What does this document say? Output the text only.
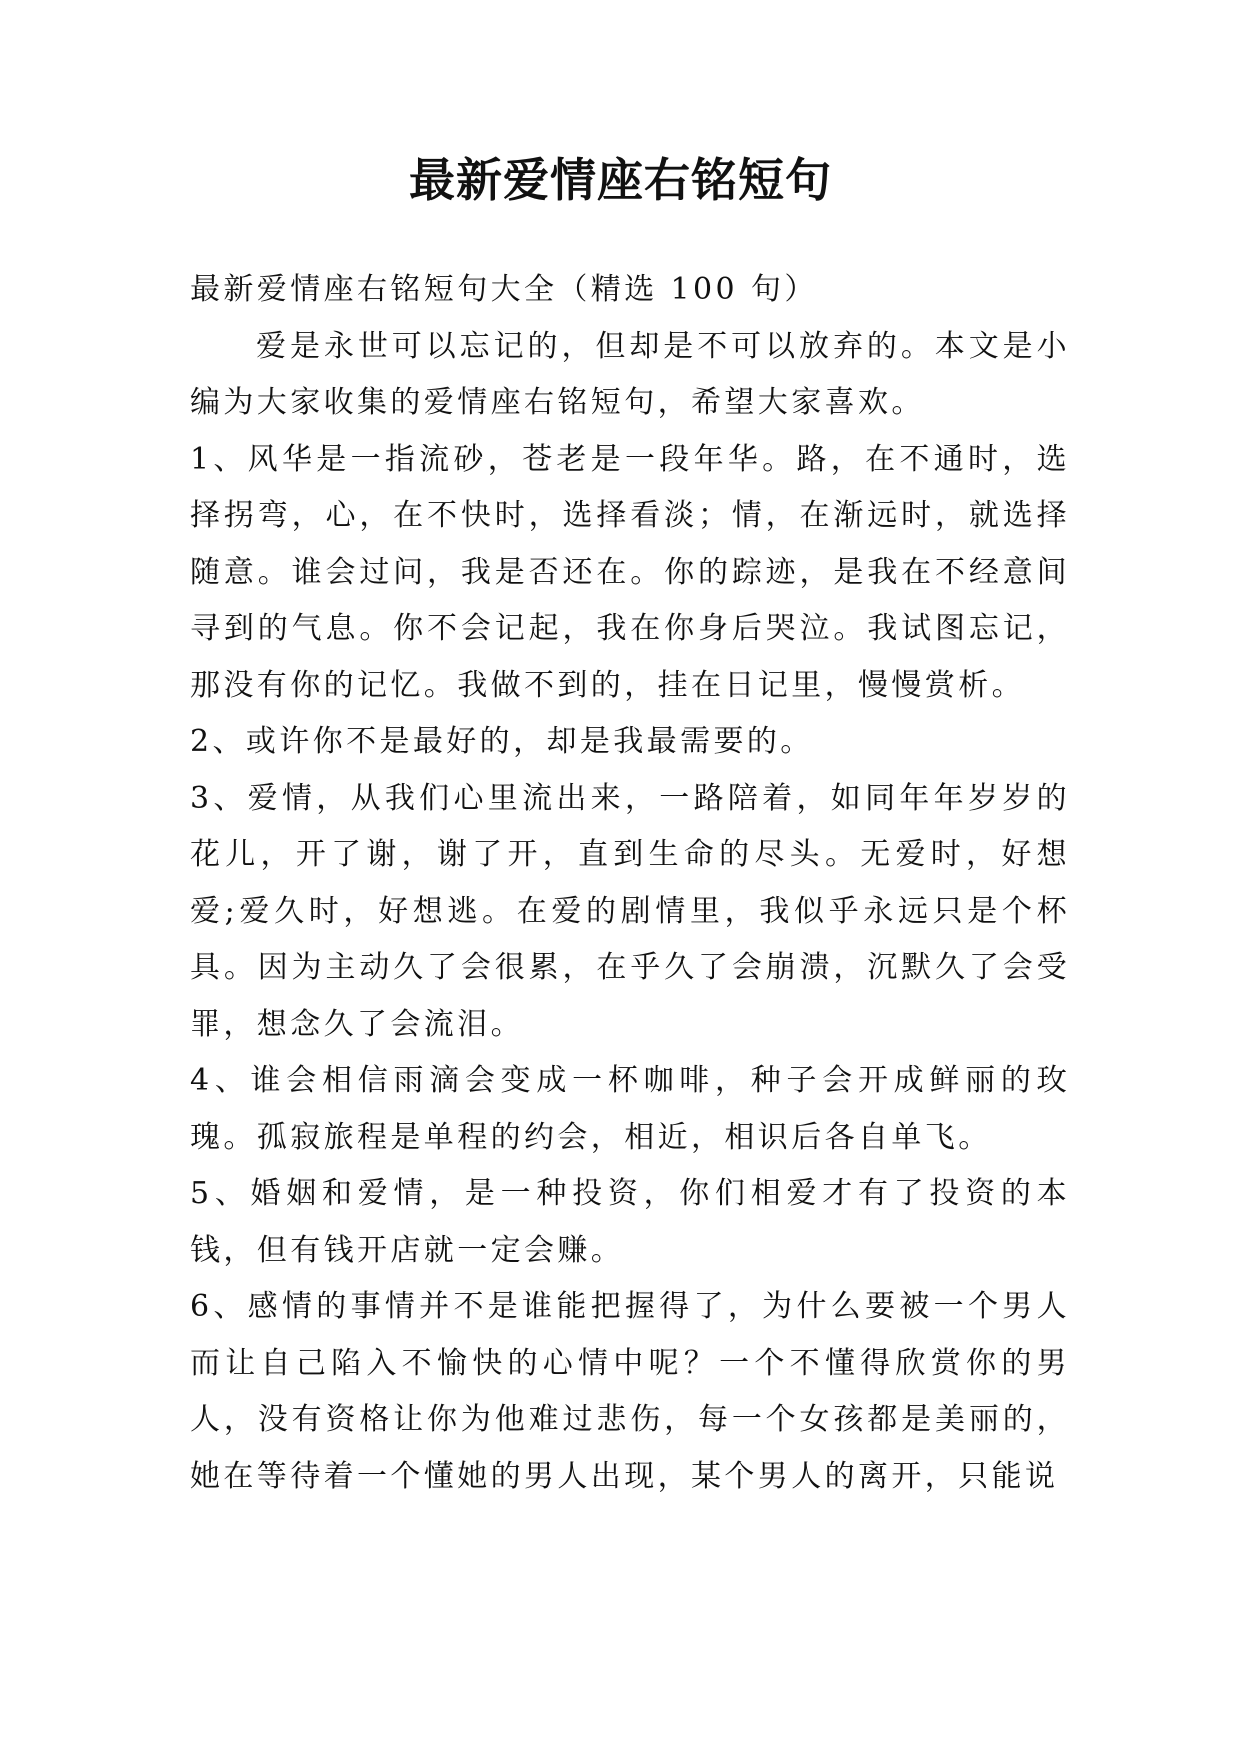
最新爱情座右铭短句

最新爱情座右铭短句大全（精选 100 句）

爱是永世可以忘记的，但却是不可以放弃的。本文是小编为大家收集的爱情座右铭短句，希望大家喜欢。

1、风华是一指流砂，苍老是一段年华。路，在不通时，选择拐弯，心，在不快时，选择看淡；情，在渐远时，就选择随意。谁会过问，我是否还在。你的踪迹，是我在不经意间寻到的气息。你不会记起，我在你身后哭泣。我试图忘记，那没有你的记忆。我做不到的，挂在日记里，慢慢赏析。

2、或许你不是最好的，却是我最需要的。

3、爱情，从我们心里流出来，一路陪着，如同年年岁岁的花儿，开了谢，谢了开，直到生命的尽头。无爱时，好想爱;爱久时，好想逃。在爱的剧情里，我似乎永远只是个杯具。因为主动久了会很累，在乎久了会崩溃，沉默久了会受罪，想念久了会流泪。

4、谁会相信雨滴会变成一杯咖啡，种子会开成鲜丽的玫瑰。孤寂旅程是单程的约会，相近，相识后各自单飞。

5、婚姻和爱情，是一种投资，你们相爱才有了投资的本钱，但有钱开店就一定会赚。

6、感情的事情并不是谁能把握得了，为什么要被一个男人而让自己陷入不愉快的心情中呢？一个不懂得欣赏你的男人，没有资格让你为他难过悲伤，每一个女孩都是美丽的，她在等待着一个懂她的男人出现，某个男人的离开，只能说
